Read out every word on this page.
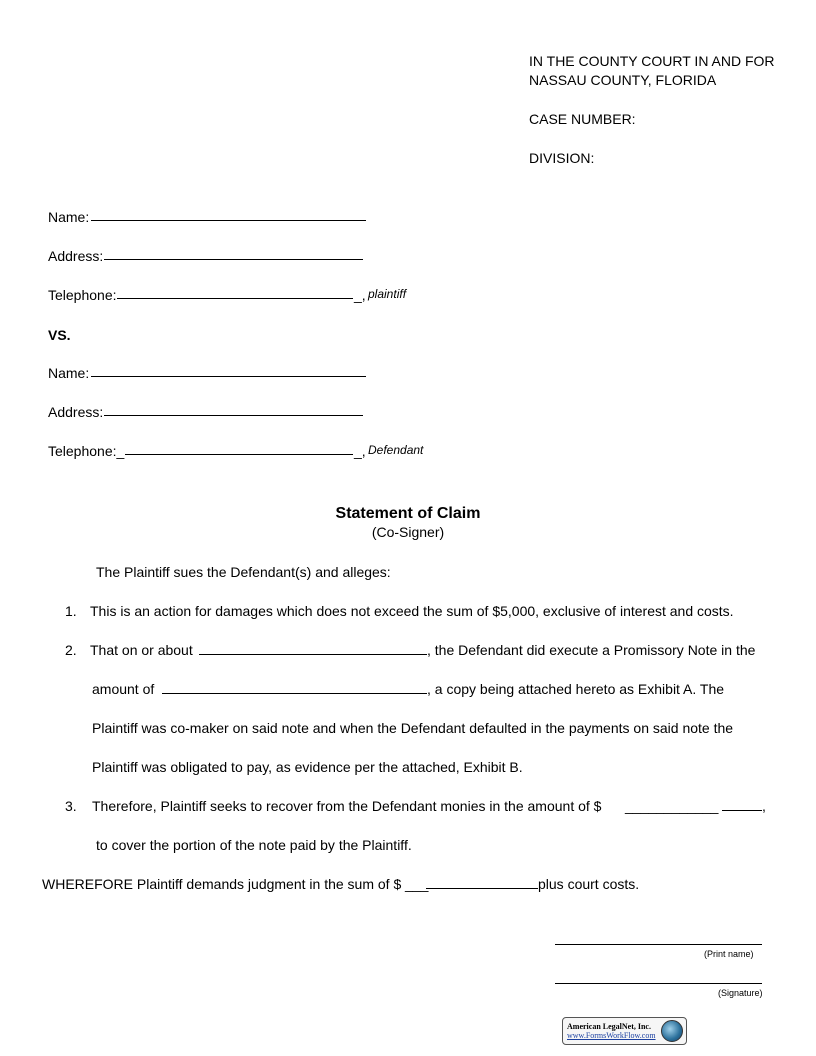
IN THE COUNTY COURT IN AND FOR
NASSAU COUNTY, FLORIDA
CASE NUMBER:
DIVISION:
Name:
Address:
Telephone:	_, plaintiff
VS.
Name:
Address:
Telephone:_	_, Defendant
Statement of Claim
(Co-Signer)
The Plaintiff sues the Defendant(s) and alleges:
1. This is an action for damages which does not exceed the sum of $5,000, exclusive of interest and costs.
2. That on or about	, the Defendant did execute a Promissory Note in the
amount of	, a copy being attached hereto as Exhibit A. The
Plaintiff was co-maker on said note and when the Defendant defaulted in the payments on said note the
Plaintiff was obligated to pay, as evidence per the attached, Exhibit B.
3. Therefore, Plaintiff seeks to recover from the Defendant monies in the amount of $ ____________	,
to cover the portion of the note paid by the Plaintiff.
WHEREFORE Plaintiff demands judgment in the sum of $ ___	plus court costs.
(Print name)
(Signature)
American LegalNet, Inc.
www.FormsWorkFlow.com
